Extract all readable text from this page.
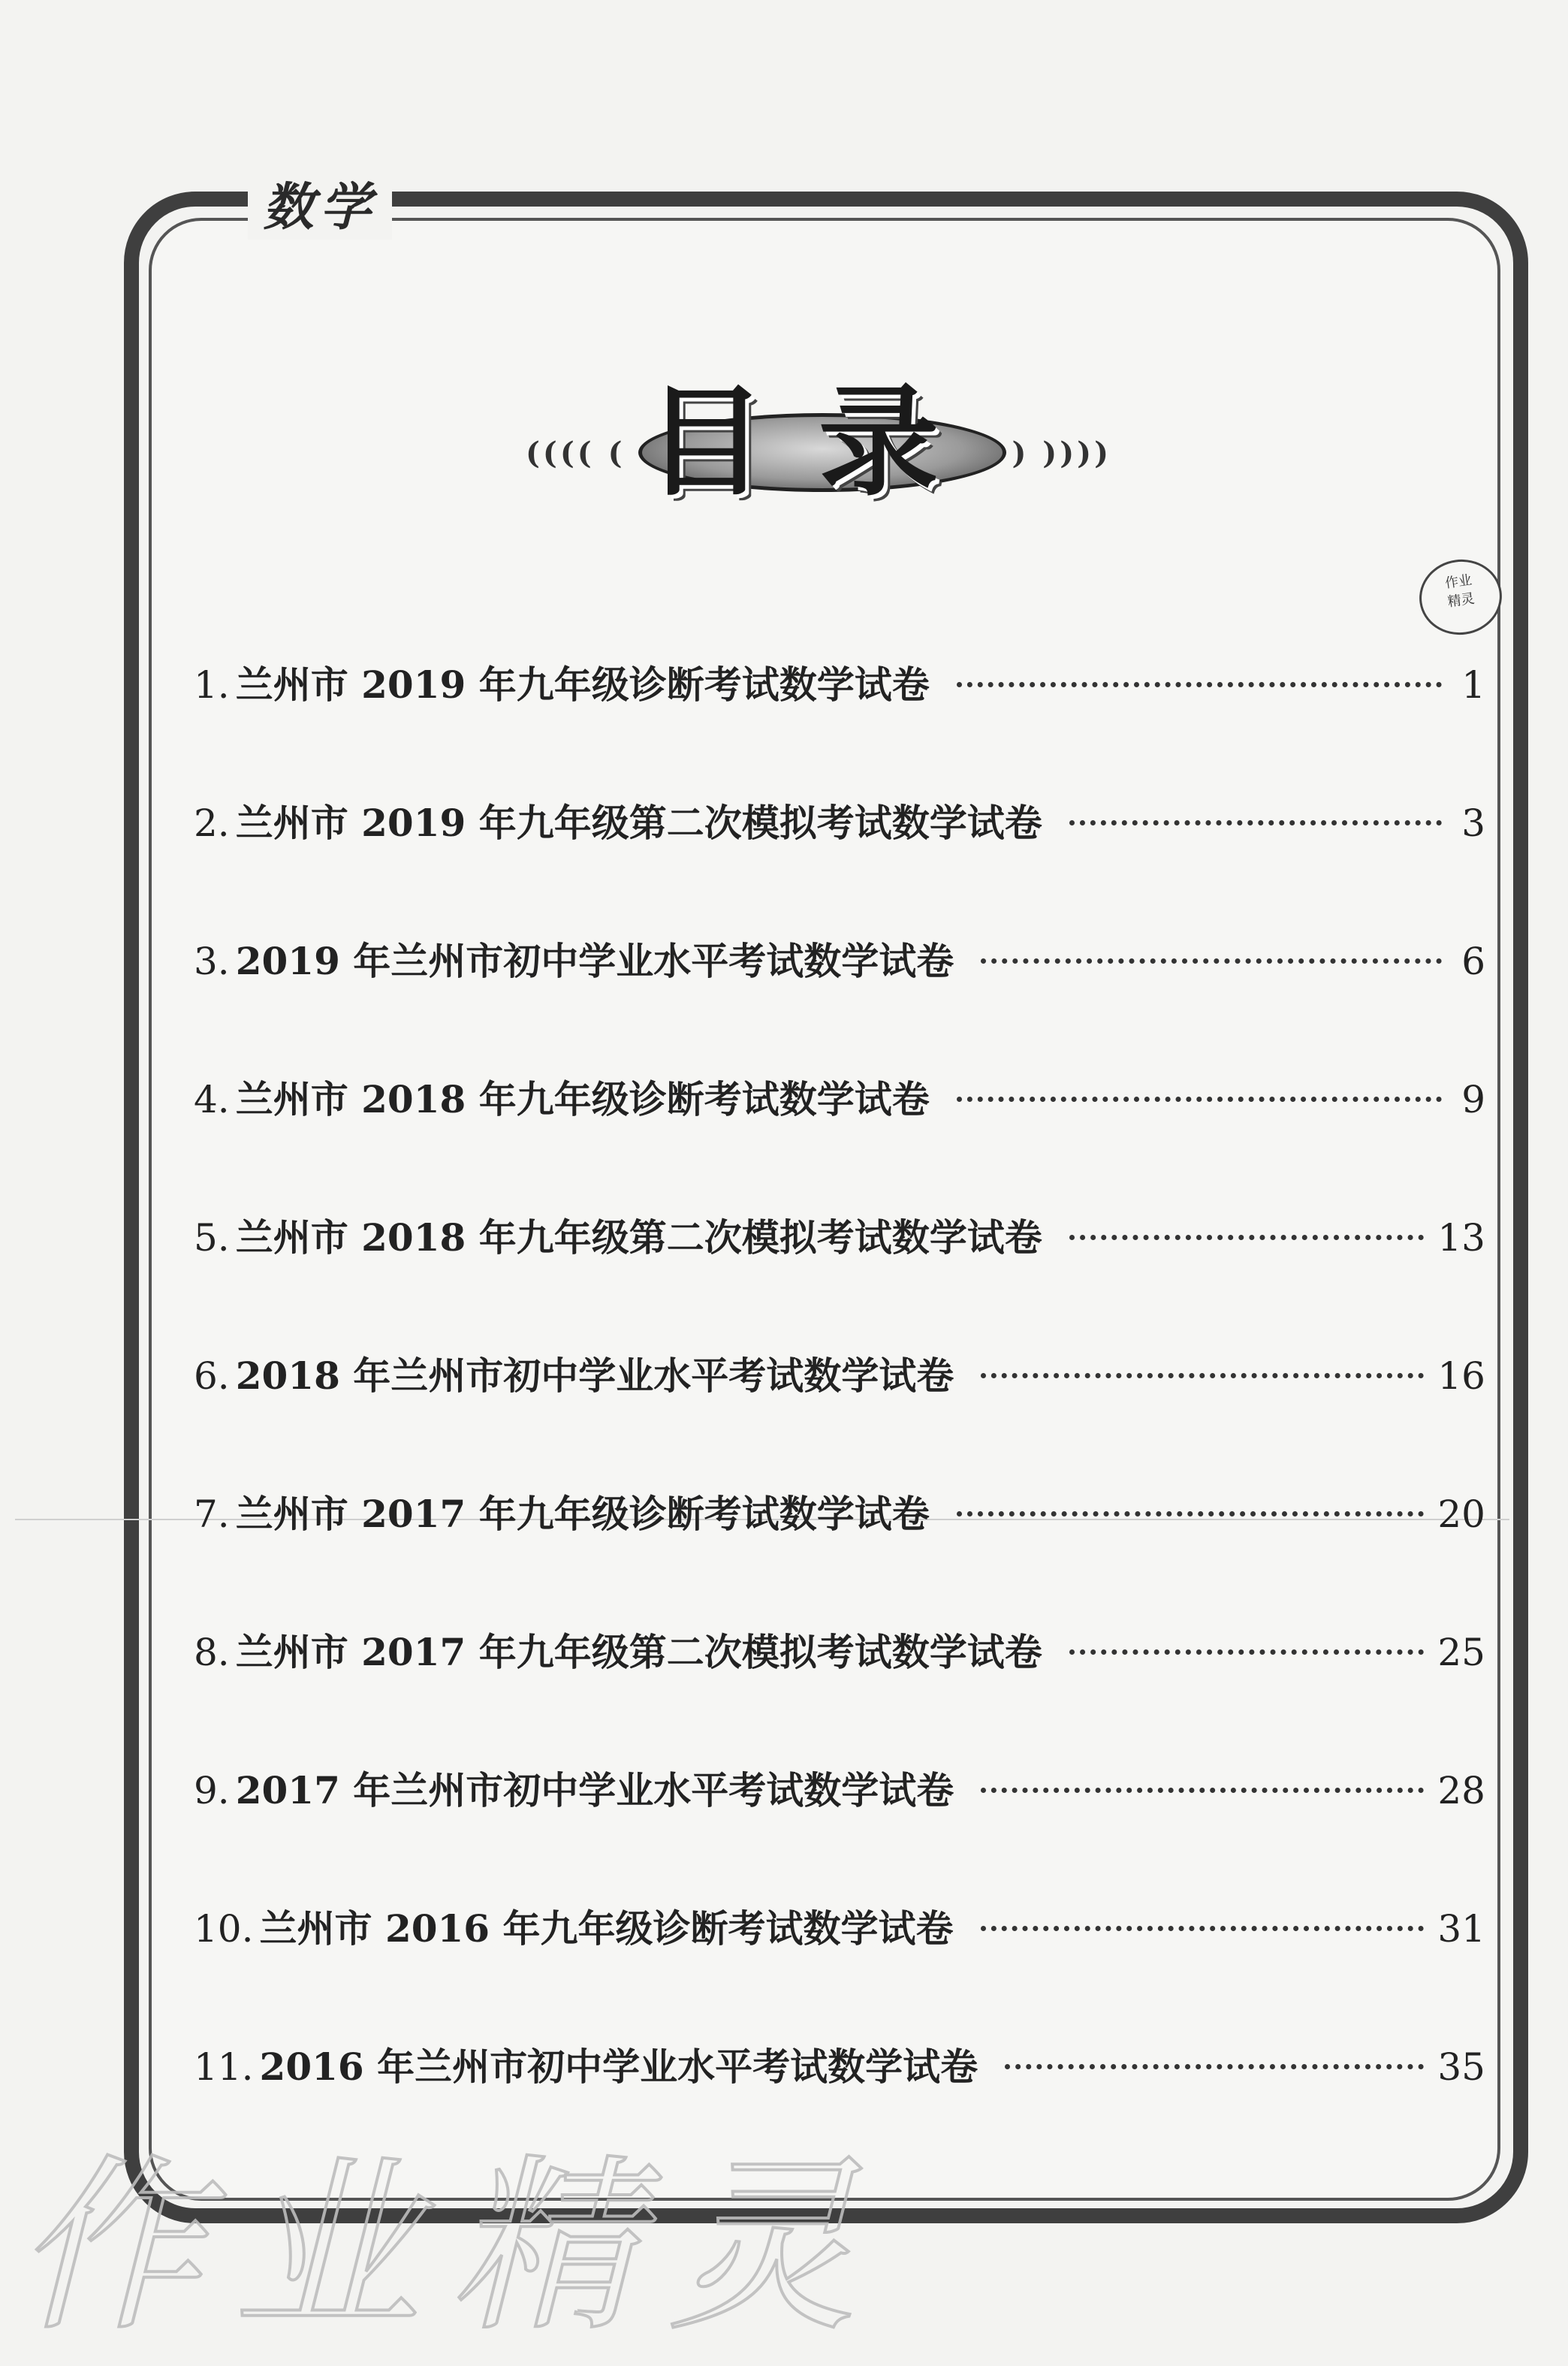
数学
(((( ( 目录 ) ))))
作业
精灵
1. 兰州市 2019 年九年级诊断考试数学试卷	1
2. 兰州市 2019 年九年级第二次模拟考试数学试卷	3
3. 2019 年兰州市初中学业水平考试数学试卷	6
4. 兰州市 2018 年九年级诊断考试数学试卷	9
5. 兰州市 2018 年九年级第二次模拟考试数学试卷	13
6. 2018 年兰州市初中学业水平考试数学试卷	16
7. 兰州市 2017 年九年级诊断考试数学试卷	20
8. 兰州市 2017 年九年级第二次模拟考试数学试卷	25
9. 2017 年兰州市初中学业水平考试数学试卷	28
10. 兰州市 2016 年九年级诊断考试数学试卷	31
11. 2016 年兰州市初中学业水平考试数学试卷	35
作业精灵
